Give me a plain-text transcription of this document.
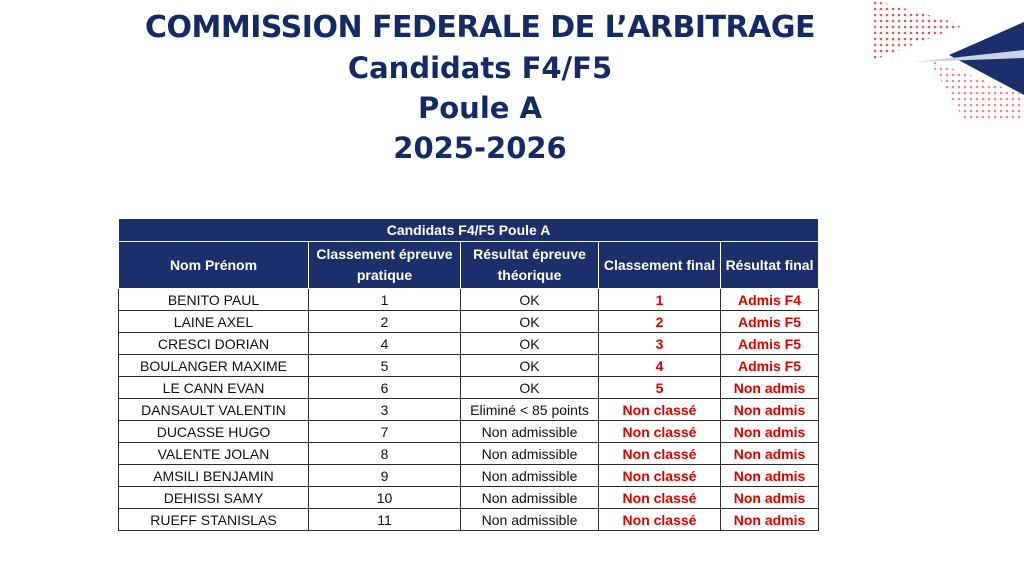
COMMISSION FEDERALE DE L’ARBITRAGE
Candidats F4/F5
Poule A
2025-2026
Candidats F4/F5 Poule A				
Nom Prénom	Classement épreuve pratique	Résultat épreuve théorique	Classement final	Résultat final
BENITO PAUL	1	OK	1	Admis F4
LAINE AXEL	2	OK	2	Admis F5
CRESCI DORIAN	4	OK	3	Admis F5
BOULANGER MAXIME	5	OK	4	Admis F5
LE CANN EVAN	6	OK	5	Non admis
DANSAULT VALENTIN	3	Eliminé < 85 points	Non classé	Non admis
DUCASSE HUGO	7	Non admissible	Non classé	Non admis
VALENTE JOLAN	8	Non admissible	Non classé	Non admis
AMSILI BENJAMIN	9	Non admissible	Non classé	Non admis
DEHISSI SAMY	10	Non admissible	Non classé	Non admis
RUEFF STANISLAS	11	Non admissible	Non classé	Non admis
